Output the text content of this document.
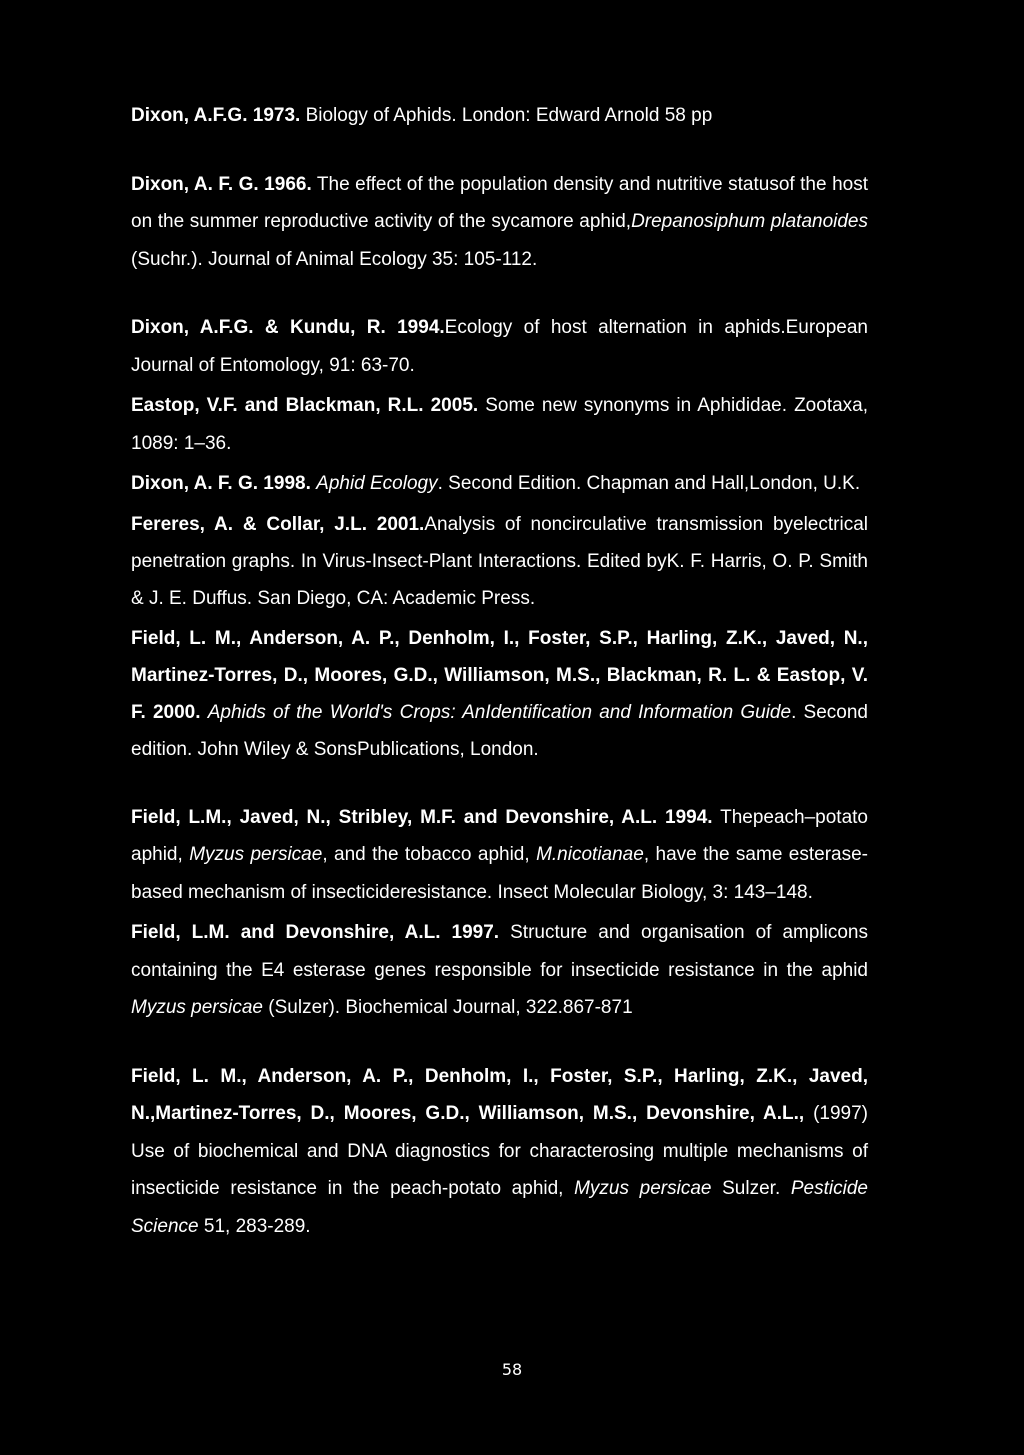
Dixon, A.F.G. 1973. Biology of Aphids. London: Edward Arnold 58 pp

Dixon, A. F. G. 1966. The effect of the population density and nutritive statusof the host on the summer reproductive activity of the sycamore aphid,Drepanosiphum platanoides (Suchr.). Journal of Animal Ecology 35: 105-112.

Dixon, A.F.G. & Kundu, R. 1994.Ecology of host alternation in aphids.European Journal of Entomology, 91: 63-70.

Eastop, V.F. and Blackman, R.L. 2005. Some new synonyms in Aphididae. Zootaxa, 1089: 1–36.

Dixon, A. F. G. 1998. Aphid Ecology. Second Edition. Chapman and Hall,London, U.K.

Fereres, A. & Collar, J.L. 2001.Analysis of noncirculative transmission byelectrical penetration graphs. In Virus-Insect-Plant Interactions. Edited byK. F. Harris, O. P. Smith & J. E. Duffus. San Diego, CA: Academic Press.

Field, L. M., Anderson, A. P., Denholm, I., Foster, S.P., Harling, Z.K., Javed, N., Martinez-Torres, D., Moores, G.D., Williamson, M.S., Blackman, R. L. & Eastop, V. F. 2000. Aphids of the World's Crops: AnIdentification and Information Guide. Second edition. John Wiley & SonsPublications, London.

Field, L.M., Javed, N., Stribley, M.F. and Devonshire, A.L. 1994. Thepeach–potato aphid, Myzus persicae, and the tobacco aphid, M.nicotianae, have the same esterase-based mechanism of insecticideresistance. Insect Molecular Biology, 3: 143–148.

Field, L.M. and Devonshire, A.L. 1997. Structure and organisation of amplicons containing the E4 esterase genes responsible for insecticide resistance in the aphid Myzus persicae (Sulzer). Biochemical Journal, 322.867-871

Field, L. M., Anderson, A. P., Denholm, I., Foster, S.P., Harling, Z.K., Javed, N.,Martinez-Torres, D., Moores, G.D., Williamson, M.S., Devonshire, A.L., (1997) Use of biochemical and DNA diagnostics for characterosing multiple mechanisms of insecticide resistance in the peach-potato aphid, Myzus persicae Sulzer. Pesticide Science 51, 283-289.

58
